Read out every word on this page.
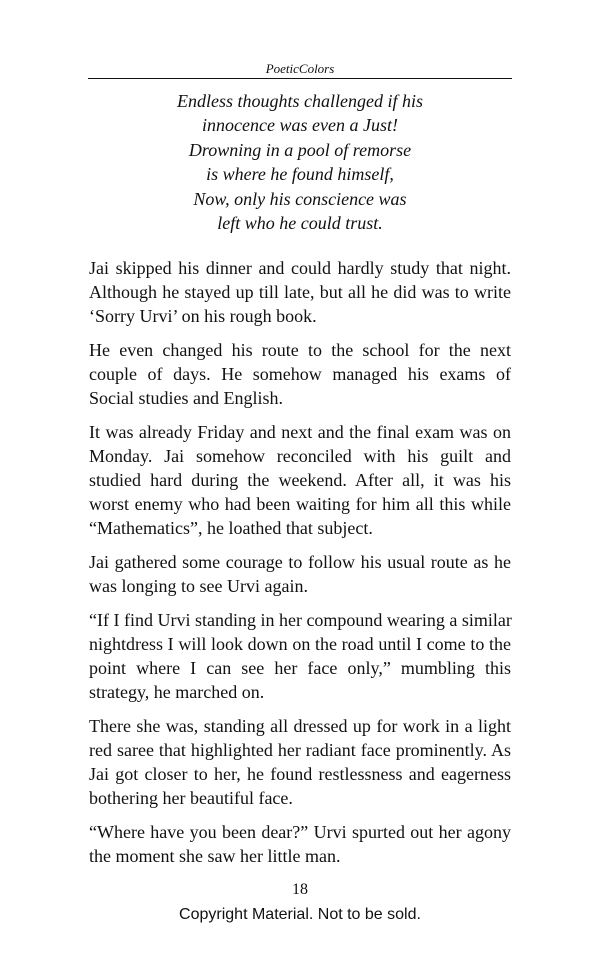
PoeticColors
Endless thoughts challenged if his
innocence was even a Just!
Drowning in a pool of remorse
is where he found himself,
Now, only his conscience was
left who he could trust.

Jai skipped his dinner and could hardly study that night.
Although he stayed up till late, but all he did was to write
‘Sorry Urvi’ on his rough book.

He even changed his route to the school for the next
couple of days. He somehow managed his exams of
Social studies and English.

It was already Friday and next and the final exam was on
Monday. Jai somehow reconciled with his guilt and
studied hard during the weekend. After all, it was his
worst enemy who had been waiting for him all this while
“Mathematics”, he loathed that subject.

Jai gathered some courage to follow his usual route as he
was longing to see Urvi again.

“If I find Urvi standing in her compound wearing a similar
nightdress I will look down on the road until I come to the
point where I can see her face only,” mumbling this
strategy, he marched on.

There she was, standing all dressed up for work in a light
red saree that highlighted her radiant face prominently. As
Jai got closer to her, he found restlessness and eagerness
bothering her beautiful face.

“Where have you been dear?” Urvi spurted out her agony
the moment she saw her little man.

18
Copyright Material. Not to be sold.
